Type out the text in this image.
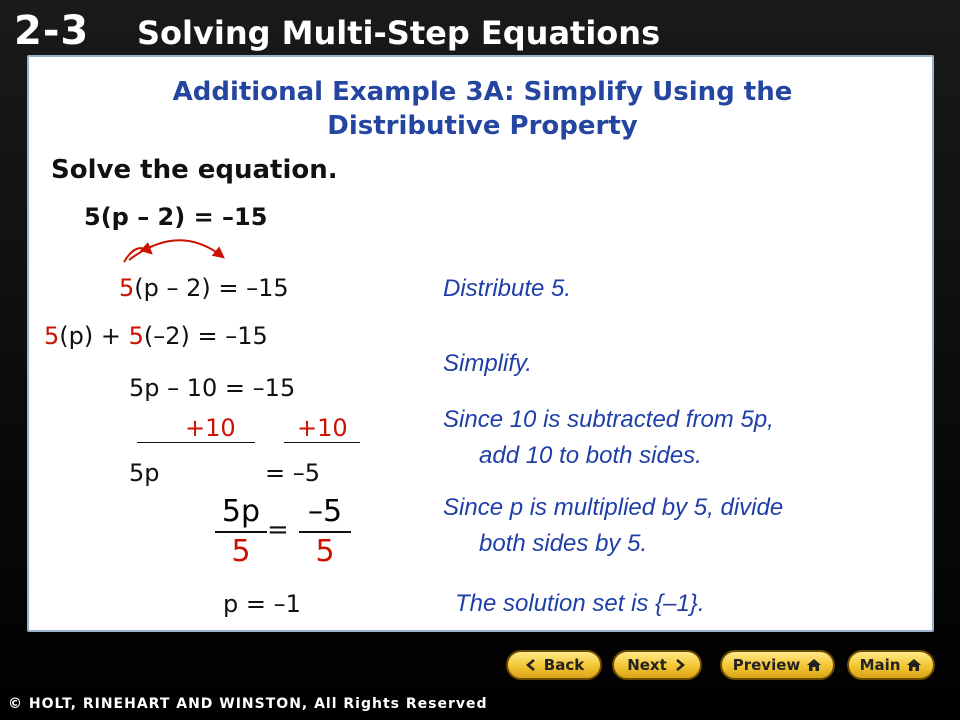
2-3 Solving Multi-Step Equations
Additional Example 3A: Simplify Using the
Distributive Property
Solve the equation.
5(p – 2) = –15
5(p – 2) = –15
5(p) + 5(–2) = –15
5p – 10 = –15
+10	+10
5p	= –5
5p
5
=
–5
5
p = –1
Distribute 5.
Simplify.
Since 10 is subtracted from 5p,
add 10 to both sides.
Since p is multiplied by 5, divide
both sides by 5.
The solution set is {–1}.
Back	Next	Preview	Main
© HOLT, RINEHART AND WINSTON, All Rights Reserved
